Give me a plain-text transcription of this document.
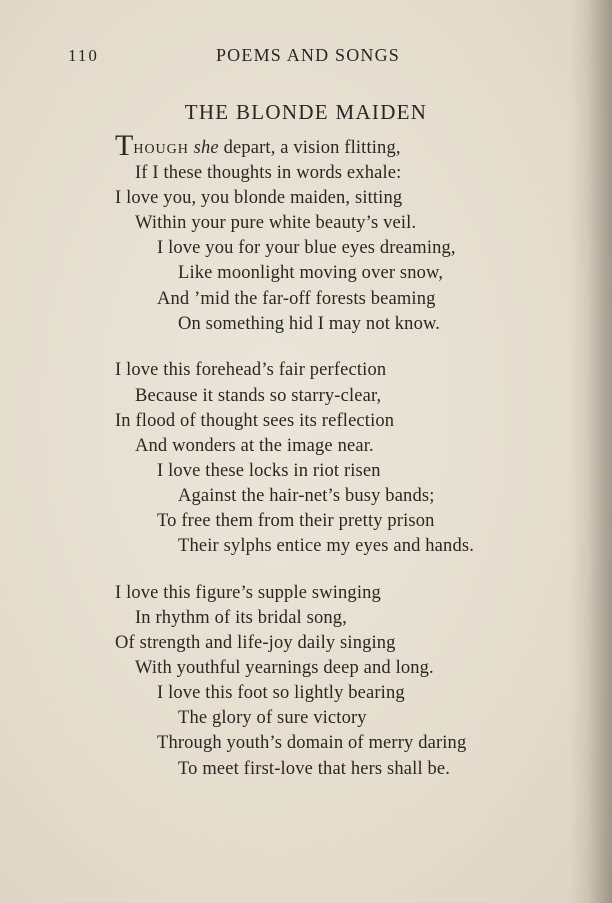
110	POEMS AND SONGS

THE BLONDE MAIDEN
THOUGH she depart, a vision flitting,
If I these thoughts in words exhale:
I love you, you blonde maiden, sitting
Within your pure white beauty’s veil.
I love you for your blue eyes dreaming,
Like moonlight moving over snow,
And ’mid the far-off forests beaming
On something hid I may not know.
I love this forehead’s fair perfection
Because it stands so starry-clear,
In flood of thought sees its reflection
And wonders at the image near.
I love these locks in riot risen
Against the hair-net’s busy bands;
To free them from their pretty prison
Their sylphs entice my eyes and hands.
I love this figure’s supple swinging
In rhythm of its bridal song,
Of strength and life-joy daily singing
With youthful yearnings deep and long.
I love this foot so lightly bearing
The glory of sure victory
Through youth’s domain of merry daring
To meet first-love that hers shall be.
